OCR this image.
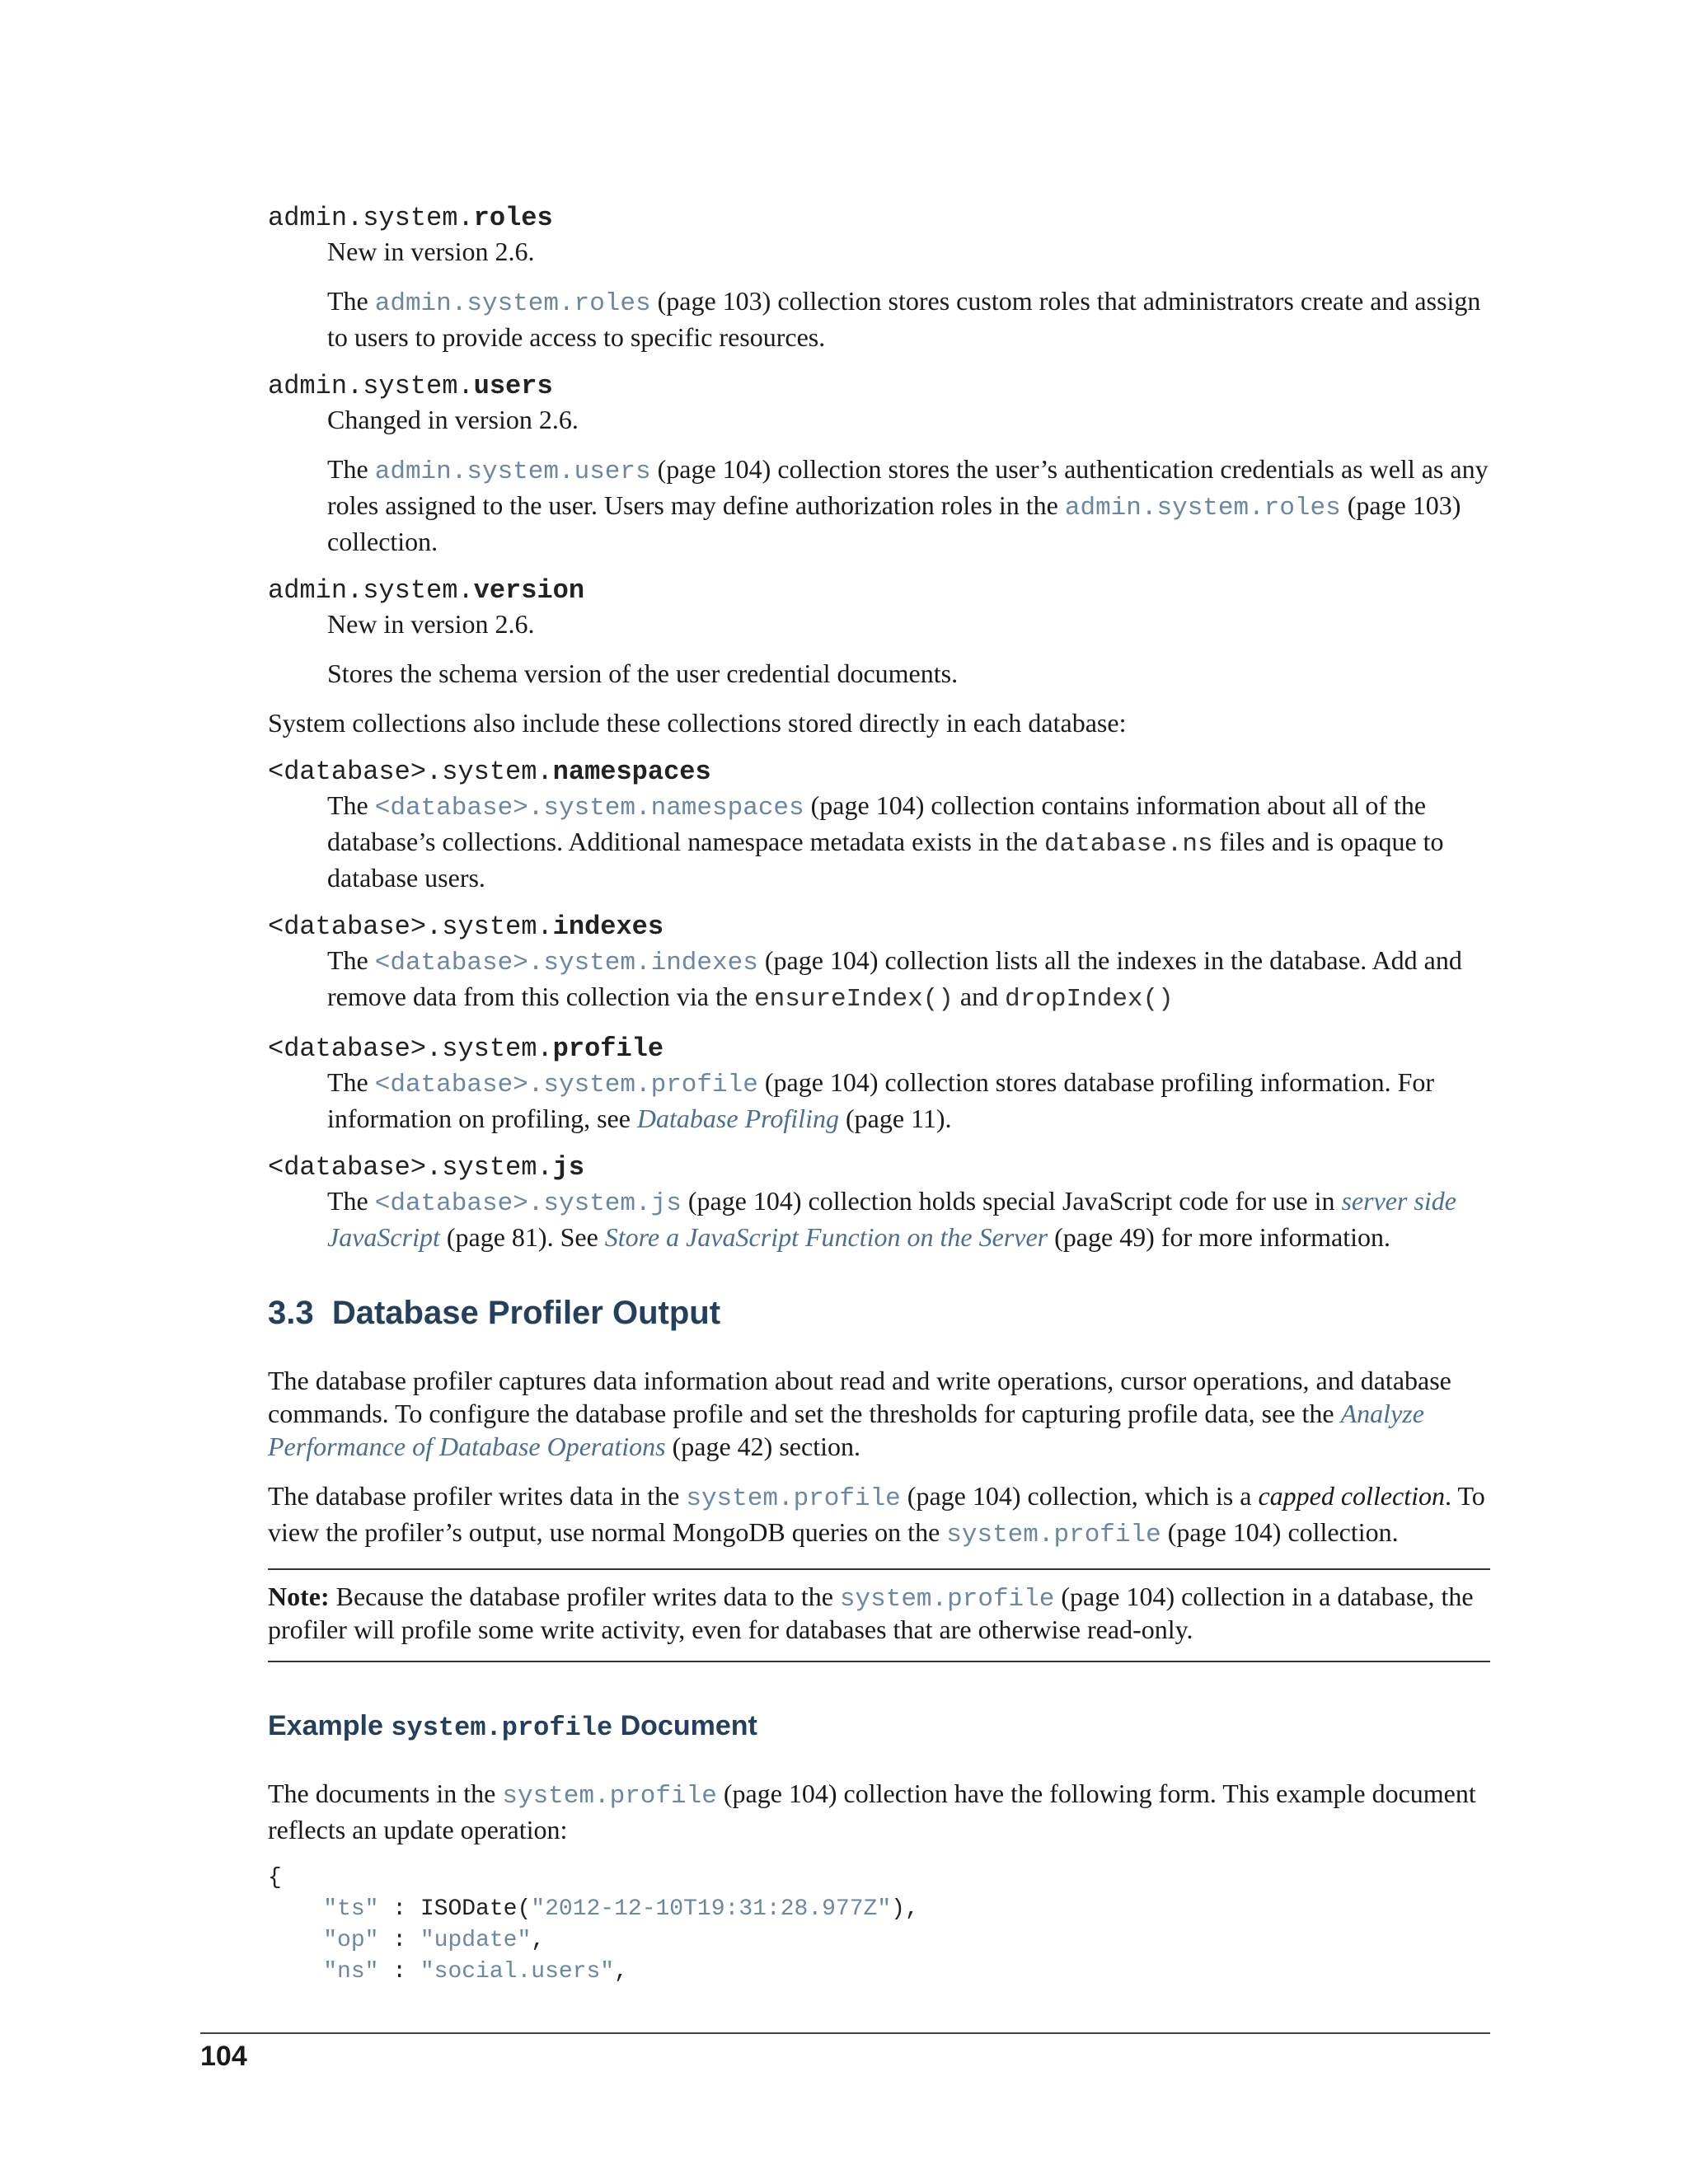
admin.system.roles

New in version 2.6.

The admin.system.roles (page 103) collection stores custom roles that administrators create and assign to users to provide access to specific resources.

admin.system.users

Changed in version 2.6.

The admin.system.users (page 104) collection stores the user’s authentication credentials as well as any roles assigned to the user. Users may define authorization roles in the admin.system.roles (page 103) collection.

admin.system.version

New in version 2.6.

Stores the schema version of the user credential documents.

System collections also include these collections stored directly in each database:

<database>.system.namespaces

The <database>.system.namespaces (page 104) collection contains information about all of the database’s collections. Additional namespace metadata exists in the database.ns files and is opaque to database users.

<database>.system.indexes

The <database>.system.indexes (page 104) collection lists all the indexes in the database. Add and remove data from this collection via the ensureIndex() and dropIndex()

<database>.system.profile

The <database>.system.profile (page 104) collection stores database profiling information. For information on profiling, see Database Profiling (page 11).

<database>.system.js

The <database>.system.js (page 104) collection holds special JavaScript code for use in server side JavaScript (page 81). See Store a JavaScript Function on the Server (page 49) for more information.

3.3 Database Profiler Output

The database profiler captures data information about read and write operations, cursor operations, and database commands. To configure the database profile and set the thresholds for capturing profile data, see the Analyze Performance of Database Operations (page 42) section.

The database profiler writes data in the system.profile (page 104) collection, which is a capped collection. To view the profiler’s output, use normal MongoDB queries on the system.profile (page 104) collection.

Note: Because the database profiler writes data to the system.profile (page 104) collection in a database, the profiler will profile some write activity, even for databases that are otherwise read-only.
Example system.profile Document

The documents in the system.profile (page 104) collection have the following form. This example document reflects an update operation:

{
"ts" : ISODate("2012-12-10T19:31:28.977Z"),
"op" : "update",
"ns" : "social.users",
104
